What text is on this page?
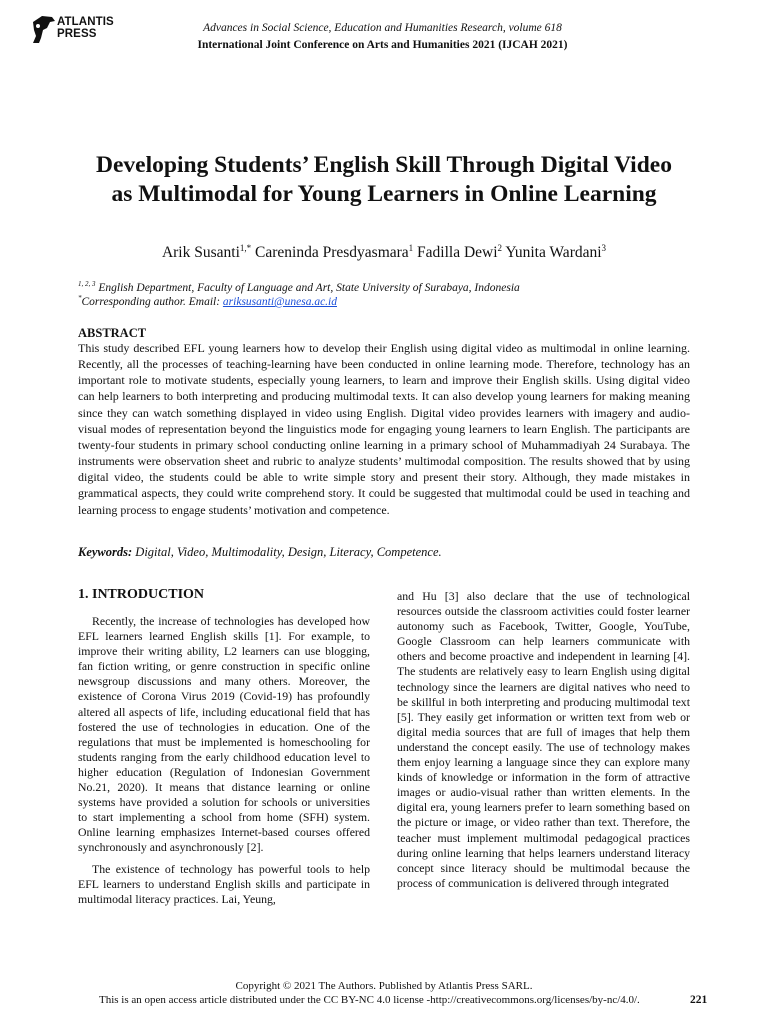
ATLANTIS
PRESS	Advances in Social Science, Education and Humanities Research, volume 618
International Joint Conference on Arts and Humanities 2021 (IJCAH 2021)
Developing Students’ English Skill Through Digital Video as Multimodal for Young Learners in Online Learning
Arik Susanti$^{1,*}$ Careninda Presdyasmara$^1$ Fadilla Dewi$^2$ Yunita Wardani$^3$
$^{1, 2, 3}$ English Department, Faculty of Language and Art, State University of Surabaya, Indonesia
*Corresponding author. Email: ariksusanti@unesa.ac.id
ABSTRACT

This study described EFL young learners how to develop their English using digital video as multimodal in online learning. Recently, all the processes of teaching-learning have been conducted in online learning mode. Therefore, technology has an important role to motivate students, especially young learners, to learn and improve their English skills. Using digital video can help learners to both interpreting and producing multimodal texts. It can also develop young learners for making meaning since they can watch something displayed in video using English. Digital video provides learners with imagery and audio-visual modes of representation beyond the linguistics mode for engaging young learners to learn English. The participants are twenty-four students in primary school conducting online learning in a primary school of Muhammadiyah 24 Surabaya. The instruments were observation sheet and rubric to analyze students’ multimodal composition. The results showed that by using digital video, the students could be able to write simple story and present their story. Although, they made mistakes in grammatical aspects, they could write comprehend story. It could be suggested that multimodal could be used in teaching and learning process to engage students’ motivation and competence.

Keywords: Digital, Video, Multimodality, Design, Literacy, Competence.
1. INTRODUCTION

Recently, the increase of technologies has developed how EFL learners learned English skills [1]. For example, to improve their writing ability, L2 learners can use blogging, fan fiction writing, or genre construction in specific online newsgroup discussions and many others. Moreover, the existence of Corona Virus 2019 (Covid-19) has profoundly altered all aspects of life, including educational field that has fostered the use of technologies in education. One of the regulations that must be implemented is homeschooling for students ranging from the early childhood education level to higher education (Regulation of Indonesian Government No.21, 2020). It means that distance learning or online systems have provided a solution for schools or universities to start implementing a school from home (SFH) system. Online learning emphasizes Internet-based courses offered synchronously and asynchronously [2].

The existence of technology has powerful tools to help EFL learners to understand English skills and participate in multimodal literacy practices. Lai, Yeung,

and Hu [3] also declare that the use of technological resources outside the classroom activities could foster learner autonomy such as Facebook, Twitter, Google, YouTube, Google Classroom can help learners communicate with others and become proactive and independent in learning [4]. The students are relatively easy to learn English using digital technology since the learners are digital natives who need to be skillful in both interpreting and producing multimodal text [5]. They easily get information or written text from web or digital media sources that are full of images that help them understand the concept easily. The use of technology makes them enjoy learning a language since they can explore many kinds of knowledge or information in the form of attractive images or audio-visual rather than written elements. In the digital era, young learners prefer to learn something based on the picture or image, or video rather than text. Therefore, the teacher must implement multimodal pedagogical practices during online learning that helps learners understand literacy concept since literacy should be multimodal because the process of communication is delivered through integrated

Copyright © 2021 The Authors. Published by Atlantis Press SARL.
This is an open access article distributed under the CC BY-NC 4.0 license -http://creativecommons.org/licenses/by-nc/4.0/.	221
